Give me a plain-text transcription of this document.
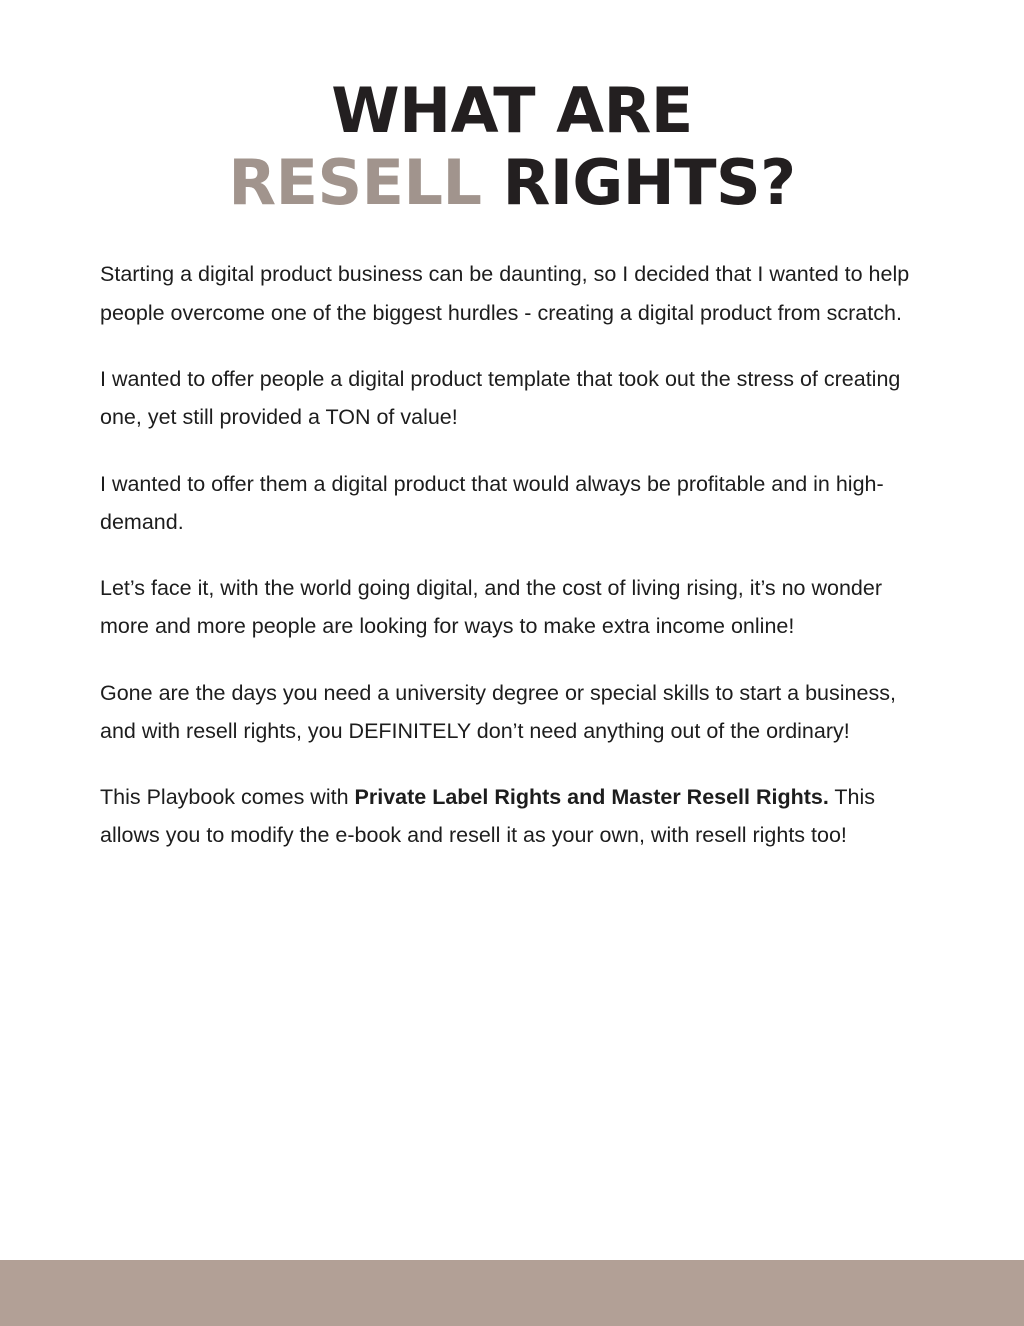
WHAT ARE
RESELL RIGHTS?

Starting a digital product business can be daunting, so I decided that I wanted to help people overcome one of the biggest hurdles - creating a digital product from scratch.

I wanted to offer people a digital product template that took out the stress of creating one, yet still provided a TON of value!

I wanted to offer them a digital product that would always be profitable and in high-demand.

Let’s face it, with the world going digital, and the cost of living rising, it’s no wonder more and more people are looking for ways to make extra income online!

Gone are the days you need a university degree or special skills to start a business, and with resell rights, you DEFINITELY don’t need anything out of the ordinary!

This Playbook comes with Private Label Rights and Master Resell Rights. This allows you to modify the e-book and resell it as your own, with resell rights too!
